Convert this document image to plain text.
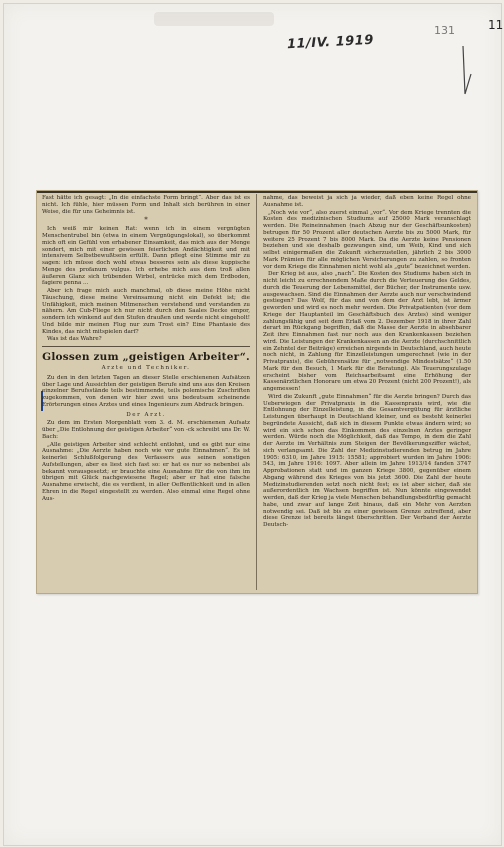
11/IV. 1919
131	11

Fast hätte ich gesagt: „In die einfachste Form bringt“. Aber das ist es nicht. Ich fühle, hier müssen Form und Inhalt sich berühren in einer Weise, die für uns Geheimnis ist.

*

Ich weiß mir keinen Rat: wenn ich in einem vergnügten Menschentrubel bin (etwa in einem Vergnügungslokal), so überkommt mich oft ein Gefühl von erhabener Einsamkeit, das mich aus der Menge sondert, mich mit einer gewissen feierlichen Andächtigkeit und mit intensivem Selbstbewußtsein erfüllt. Dann pflegt eine Stimme mir zu sagen: ich müsse doch wohl etwas besseres sein als diese kuppische Menge des profanum vulgus. Ich erhebe mich aus dem troß allen äußeren Glanz sich trübenden Wirbel, entrücke mich dem Erdboden, fagiere penna ...

Aber ich frage mich auch manchmal, ob diese meine Höhe nicht Täuschung, diese meine Vereinsamung nicht ein Defekt ist; die Unfähigkeit, mich meinen Mitmenschen verstehend und verstanden zu nähern. Am Cub-Fliege ich nur nicht durch den Saales Decke empor, sondern ich winkend auf den Stufen draußen und werde nicht eingeholt! Und bilde mir meinen Flug nur zum Trost ein? Eine Phantasie des Kindes, das nicht mitspielen darf?

Was ist das Wahre?

Glossen zum „geistigen Arbeiter“.
Arzte und Techniker.

Zu den in den letzten Tagen an dieser Stelle erschienenen Aufsätzen über Lage und Aussichten der geistigen Berufe sind uns aus den Kreisen einzelner Berufsstände teils bestimmende, teils polemische Zuschriften zugekommen, von denen wir hier zwei uns bedeutsam scheinende Erörterungen eines Arztes und eines Ingenieurs zum Abdruck bringen.

Der Arzt.

Zu dem im Ersten Morgenblatt vom 3. d. M. erschienenen Aufsatz über „Die Entlohnung der geistigen Arbeiter“ von -ck schreibt uns Dr. W. Bach:

„Alle geistigen Arbeiter sind schlecht entlohnt, und es gibt nur eine Ausnahme: „Die Aerzte haben noch wie vor gute Einnahmen“. Es ist keinerlei Schlußfolgerung des Verfassers aus seinen sonstigen Aufstellungen, aber es liest sich fast so: er hat es nur so nebenbei als bekannt vorausgesetzt; er brauchte eine Ausnahme für die von ihm im übrigen mit Glück nachgewiesene Regel; aber er hat eine falsche Ausnahme erwischt, die es verdient, in aller Oeffentlichkeit und in allen Ehren in die Regel eingestellt zu werden. Also einmal eine Regel ohne Aus-

nahme, das beweist ja sich ja wieder, daß eben keine Regel ohne Ausnahme ist.

„Noch wie vor“, also zuerst einmal „vor“. Vor dem Kriege trennten die Kosten des medizinischen Studiums auf 25000 Mark veranschlagt werden. Die Reineinnahmen (nach Abzug nur der Geschäftsunkosten) betrugen für 50 Prozent aller deutschen Aerzte bis zu 5000 Mark, für weitere 25 Prozent 7 bis 8000 Mark. Da die Aerzte keine Pensionen beziehen und sie deshalb gezwungen sind, um Weib, Kind und sich selbst einigermaßen die Zukunft sicherzustellen, jährlich 2 bis 3000 Mark Prämien für alle möglichen Versicherungen zu zahlen, so fronten vor dem Kriege die Einnahmen nicht wohl als „gute“ bezeichnet werden.

Der Krieg ist aus, also „nach“. Die Kosten des Studiums haben sich in nicht leicht zu errechnendem Maße durch die Verteuerung des Geldes, durch die Teuerung der Lebensmittel, der Bücher, der Instrumente usw. ausgewachsen. Sind die Einnahmen der Aerzte auch nur verschwindend gestiegen? Das Wolf, für das und von dem der Arzt lebt, ist ärmer geworden und wird es noch mehr werden. Die Privatpatienten (vor dem Kriege der Hauptanteil im Geschäftsbuch des Arztes) sind weniger zahlungsfähig und seit dem Erlaß vom 2. Dezember 1918 in ihrer Zahl derart im Rückgang begriffen, daß die Masse der Aerzte in absehbarer Zeit ihre Einnahmen fast nur noch aus den Krankenkassen beziehen wird. Die Leistungen der Krankenkassen an die Aerzte (durchschnittlich ein Zehntel der Beiträge) erreichen nirgends in Deutschland, auch heute noch nicht, in Zahlung für Einzelleistungen umgerechnet (wie in der Privatpraxis), die Gebührensätze für „notwendige Mindestsätze“ (1.50 Mark für den Besuch, 1 Mark für die Beratung). Als Teuerungszulage erscheint bisher vom Reichsarbeitsamt eine Erhöhung der Kassenärztlichen Honorare um etwa 20 Prozent (nicht 200 Prozent!), als angemessen!

Wird die Zukunft „gute Einnahmen“ für die Aerzte bringen? Durch das Ueberwiegen der Privatpraxis in die Kassenpraxis wird, wie die Entlohnung der Einzelleistung, in die Gesamtvergütung für ärztliche Leistungen überhaupt in Deutschland kleiner, und es besteht keinerlei begründete Aussicht, daß sich in diesem Punkte etwas ändern wird; so wird ein sich schon das Einkommen des einzelnen Arztes geringer werden. Würde noch die Möglichkeit, daß das Tempo, in dem die Zahl der Aerzte im Verhältnis zum Steigen der Bevölkerungsziffer wächst, sich verlangsamt. Die Zahl der Medizinstudierenden betrug im Jahre 1905: 6310, im Jahre 1915: 15581; approbiert wurden im Jahre 1906: 543, im Jahre 1916: 1097. Aber allein im Jahre 1913/14 fanden 3747 Approbationen statt und im ganzen Kriege 3800, gegenüber einem Abgang während des Krieges von bis jetzt 3600. Die Zahl der heute Medizinstudierenden setzt noch nicht fest; es ist aber sicher, daß sie außerordentlich im Wachsen begriffen ist. Nun könnte eingewendet werden, daß der Krieg ja viele Menschen behandlungsbedürftig gemacht habe, und zwar auf lange Zeit hinaus, daß ein Mehr von Aerzten notwendig sei. Daß ist bis zu einer gewissen Grenze zutreffend, aber diese Grenze ist bereits längst überschritten. Der Verband der Aerzte Deutsch-
